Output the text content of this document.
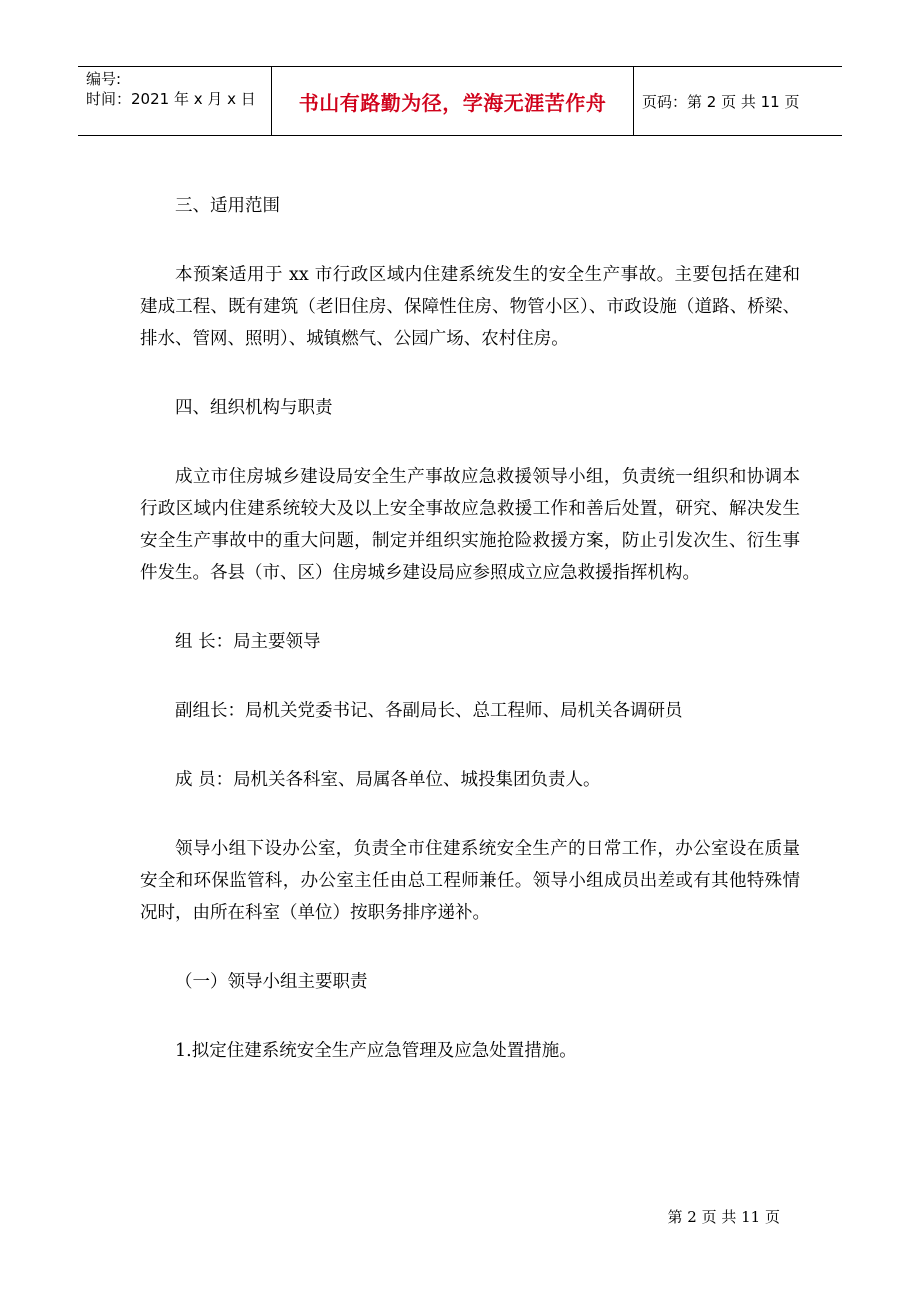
编号:
时间：2021 年 x 月 x 日	书山有路勤为径，学海无涯苦作舟	页码：第 2 页 共 11 页

三、适用范围

本预案适用于 xx 市行政区域内住建系统发生的安全生产事故。主要包括在建和建成工程、既有建筑（老旧住房、保障性住房、物管小区）、市政设施（道路、桥梁、排水、管网、照明）、城镇燃气、公园广场、农村住房。

四、组织机构与职责

成立市住房城乡建设局安全生产事故应急救援领导小组，负责统一组织和协调本行政区域内住建系统较大及以上安全事故应急救援工作和善后处置，研究、解决发生安全生产事故中的重大问题，制定并组织实施抢险救援方案，防止引发次生、衍生事件发生。各县（市、区）住房城乡建设局应参照成立应急救援指挥机构。

组 长：局主要领导

副组长：局机关党委书记、各副局长、总工程师、局机关各调研员

成 员：局机关各科室、局属各单位、城投集团负责人。

领导小组下设办公室，负责全市住建系统安全生产的日常工作，办公室设在质量安全和环保监管科，办公室主任由总工程师兼任。领导小组成员出差或有其他特殊情况时，由所在科室（单位）按职务排序递补。

（一）领导小组主要职责

1.拟定住建系统安全生产应急管理及应急处置措施。

第 2 页 共 11 页
